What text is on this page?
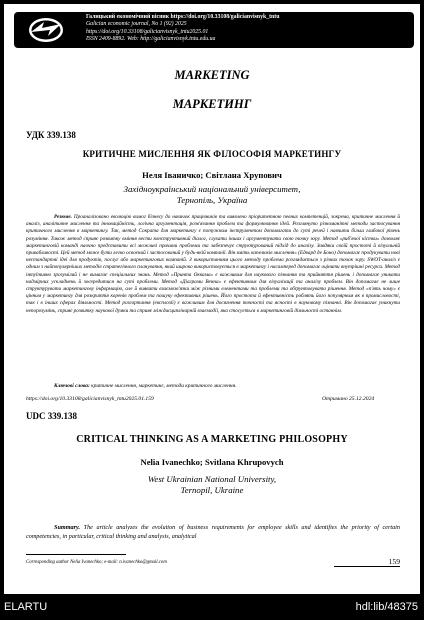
Галицький економічний вісник https://doi.org/10.33108/galicianvisnyk_tntu
Galician economic journal, No 1 (92) 2025
https://doi.org/10.33108/galicianvisnyk_tntu2025.01
ISSN 2409-8892. Web: http://galicianvisnyk.tntu.edu.ua
MARKETING
МАРКЕТИНГ
УДК 339.138
КРИТИЧНЕ МИСЛЕННЯ ЯК ФІЛОСОФІЯ МАРКЕТИНГУ
Неля Іваничко; Світлана Хрупович
Західноукраїнський національний університет,
Тернопіль, Україна
Резюме. Проаналізовано еволюцію вимог бізнесу до навичок працівників та виявлено пріоритетною певних компетенцій, зокрема, критичне мислення й аналіз, аналітичне мислення та інноваційність, логічна аргументація, розв'язання проблем та формулювання ідей. Розглянуто різноманітні методи застосування критичного мислення в маркетингу. Так, метод Сократа для маркетингу є потужним інструментом допомагати до суті речей і навчити більш глибокої рівень розуміння. Також метод сприяє розвитку вміння вести конструктивний діалог, слухати інших і аргументувати свою точку зору. Метод «риб'ячої кістки» дозволяє маркетинговій команді наочно представити всі можливі причини проблеми та забезпечує структурований підхід до аналізу. Завдяки своїй простоті й візуальній привабливості. Цей метод може бути легко освоєний і застосований у будь-якій компанії. Він вміть капелюхів мислення» (Едвард де Боно) допомагає продукувати нові нестандартні ідеї для продуктів, послуг або маркетингових кампаній. З використанням цього методу проблема розглядається з різних точок зору. SWOT-аналіз є одним з найпопулярніших методів стратегічного планування, який широко використовується в маркетингу і насамперед допомагає оцінити внутрішні ресурси. Метод інтуїтивно зрозумілий і не вимагає спеціальних знань. Метод «Принта Оккама» є важливим для наукового пізнання та прийняття рішень і допомагає уникати надмірних ускладнень й зосередитися на суті проблеми. Метод «Діаграми Венна» є ефективним для візуалізації та аналізу проблем. Він допомагає не лише структурувати маркетингову інформацію, але й виявити взаємозв'язки між різними елементами та проблеми та обґрунтовувати рішення. Метод «п'ять чому» є цінним у маркетингу для розкриття коренів проблем та пошуку ефективних рішень. Його простота й ефективність роблять його популярним як в промисловості, так і в інших сферах діяльності. Метод розгортання (експлозії) є важливим для досягнення точності та ясності в науковому пізнанні. Він допомагає уникнути непорозумінь, сприяє розвитку наукової думки та сприяє міждисциплінарній взаємодії, яка стосується в маркетинговій діяльності останнім.
Ключові слова: критичне мислення, маркетинг, методи критичного мислення.
https://doi.org/10.33108/galicianvisnyk_tntu2025.01.159	Отримано 25.12.2024
UDC 339.138
CRITICAL THINKING AS A MARKETING PHILOSOPHY
Nelia Ivanechko; Svitlana Khrupovych
West Ukrainian National University,
Ternopil, Ukraine
Summary. The article analyzes the evolution of business requirements for employee skills and identifies the priority of certain competencies, in particular, critical thinking and analysis, analytical
Corresponding author Nelia Ivanechko; e-mail: n.ivanechko@gmail.com	159
ELARTU	hdl:lib/48375
